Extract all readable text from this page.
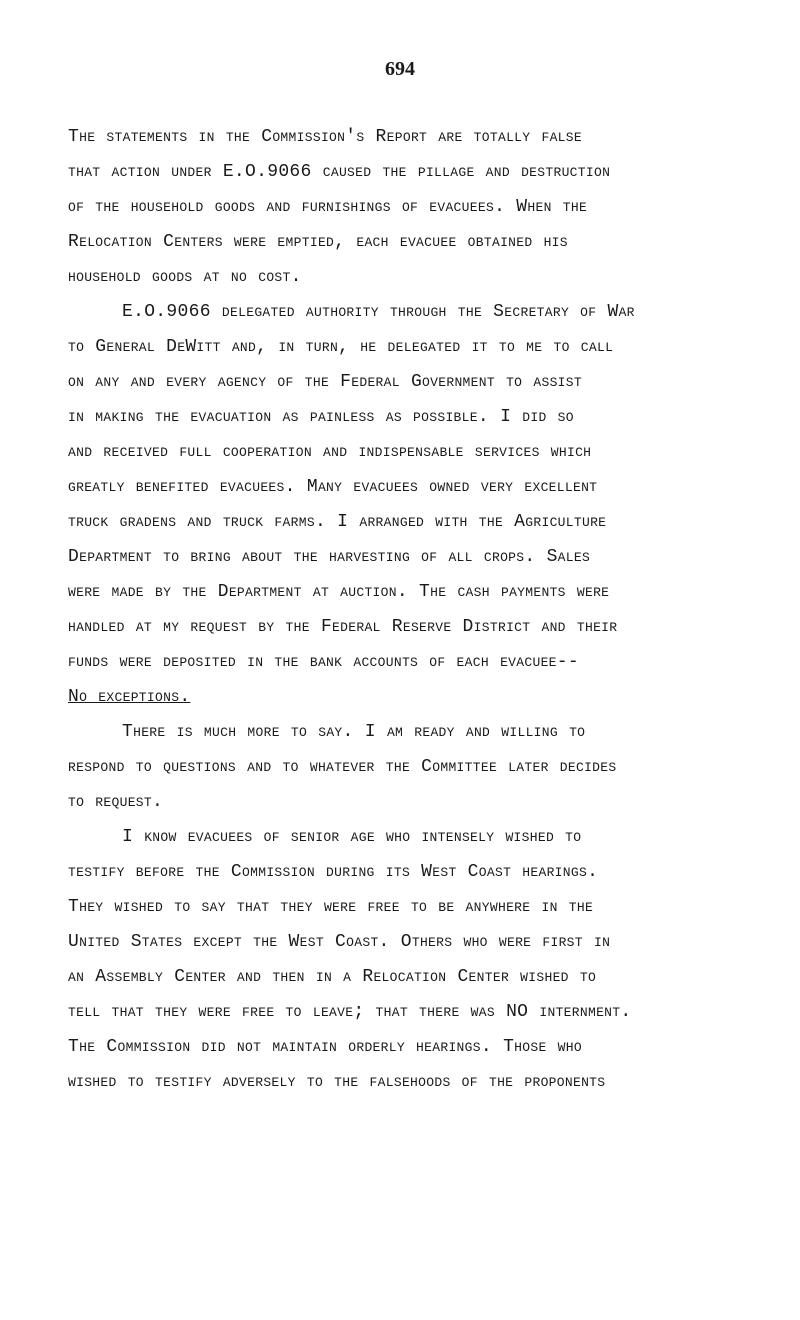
694
The statements in the Commission's Report are totally false
that action under E.O.9066 caused the pillage and destruction
of the household goods and furnishings of evacuees. When the
Relocation Centers were emptied, each evacuee obtained his
household goods at no cost.
E.O.9066 delegated authority through the Secretary of War
to General DeWitt and, in turn, he delegated it to me to call
on any and every agency of the Federal Government to assist
in making the evacuation as painless as possible. I did so
and received full cooperation and indispensable services which
greatly benefited evacuees. Many evacuees owned very excellent
truck gradens and truck farms. I arranged with the Agriculture
Department to bring about the harvesting of all crops. Sales
were made by the Department at auction. The cash payments were
handled at my request by the Federal Reserve District and their
funds were deposited in the bank accounts of each evacuee--
No exceptions.
There is much more to say. I am ready and willing to
respond to questions and to whatever the Committee later decides
to request.
I know evacuees of senior age who intensely wished to
testify before the Commission during its West Coast hearings.
They wished to say that they were free to be anywhere in the
United States except the West Coast. Others who were first in
an Assembly Center and then in a Relocation Center wished to
tell that they were free to leave; that there was NO internment.
The Commission did not maintain orderly hearings. Those who
wished to testify adversely to the falsehoods of the proponents
